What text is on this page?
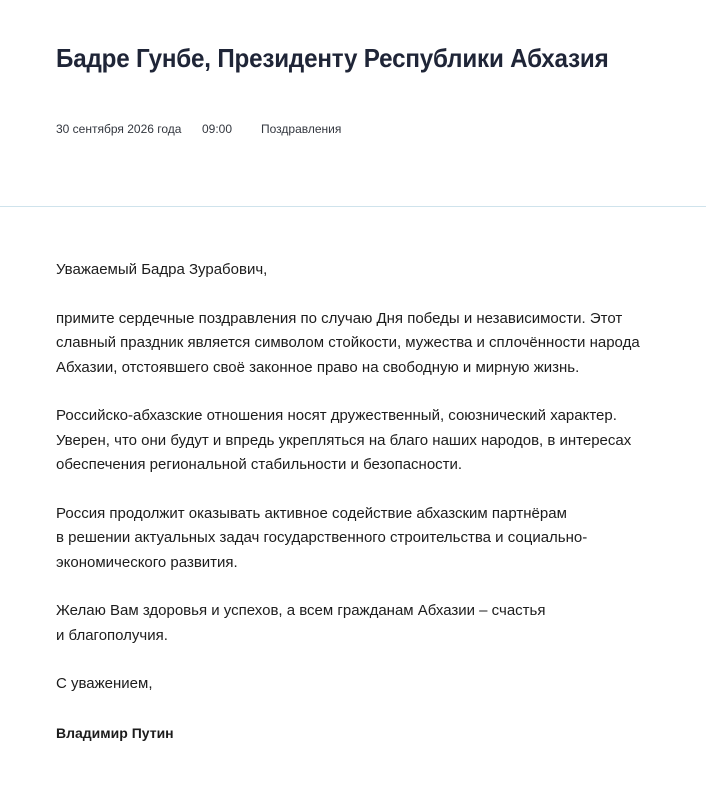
Бадре Гунбе, Президенту Республики Абхазия
30 сентября 2026 года 09:00 Поздравления

Уважаемый Бадра Зурабович,

примите сердечные поздравления по случаю Дня победы и независимости. Этот
славный праздник является символом стойкости, мужества и сплочённости народа
Абхазии, отстоявшего своё законное право на свободную и мирную жизнь.

Российско-абхазские отношения носят дружественный, союзнический характер.
Уверен, что они будут и впредь укрепляться на благо наших народов, в интересах
обеспечения региональной стабильности и безопасности.

Россия продолжит оказывать активное содействие абхазским партнёрам
в решении актуальных задач государственного строительства и социально-
экономического развития.

Желаю Вам здоровья и успехов, а всем гражданам Абхазии – счастья
и благополучия.

С уважением,

Владимир Путин
